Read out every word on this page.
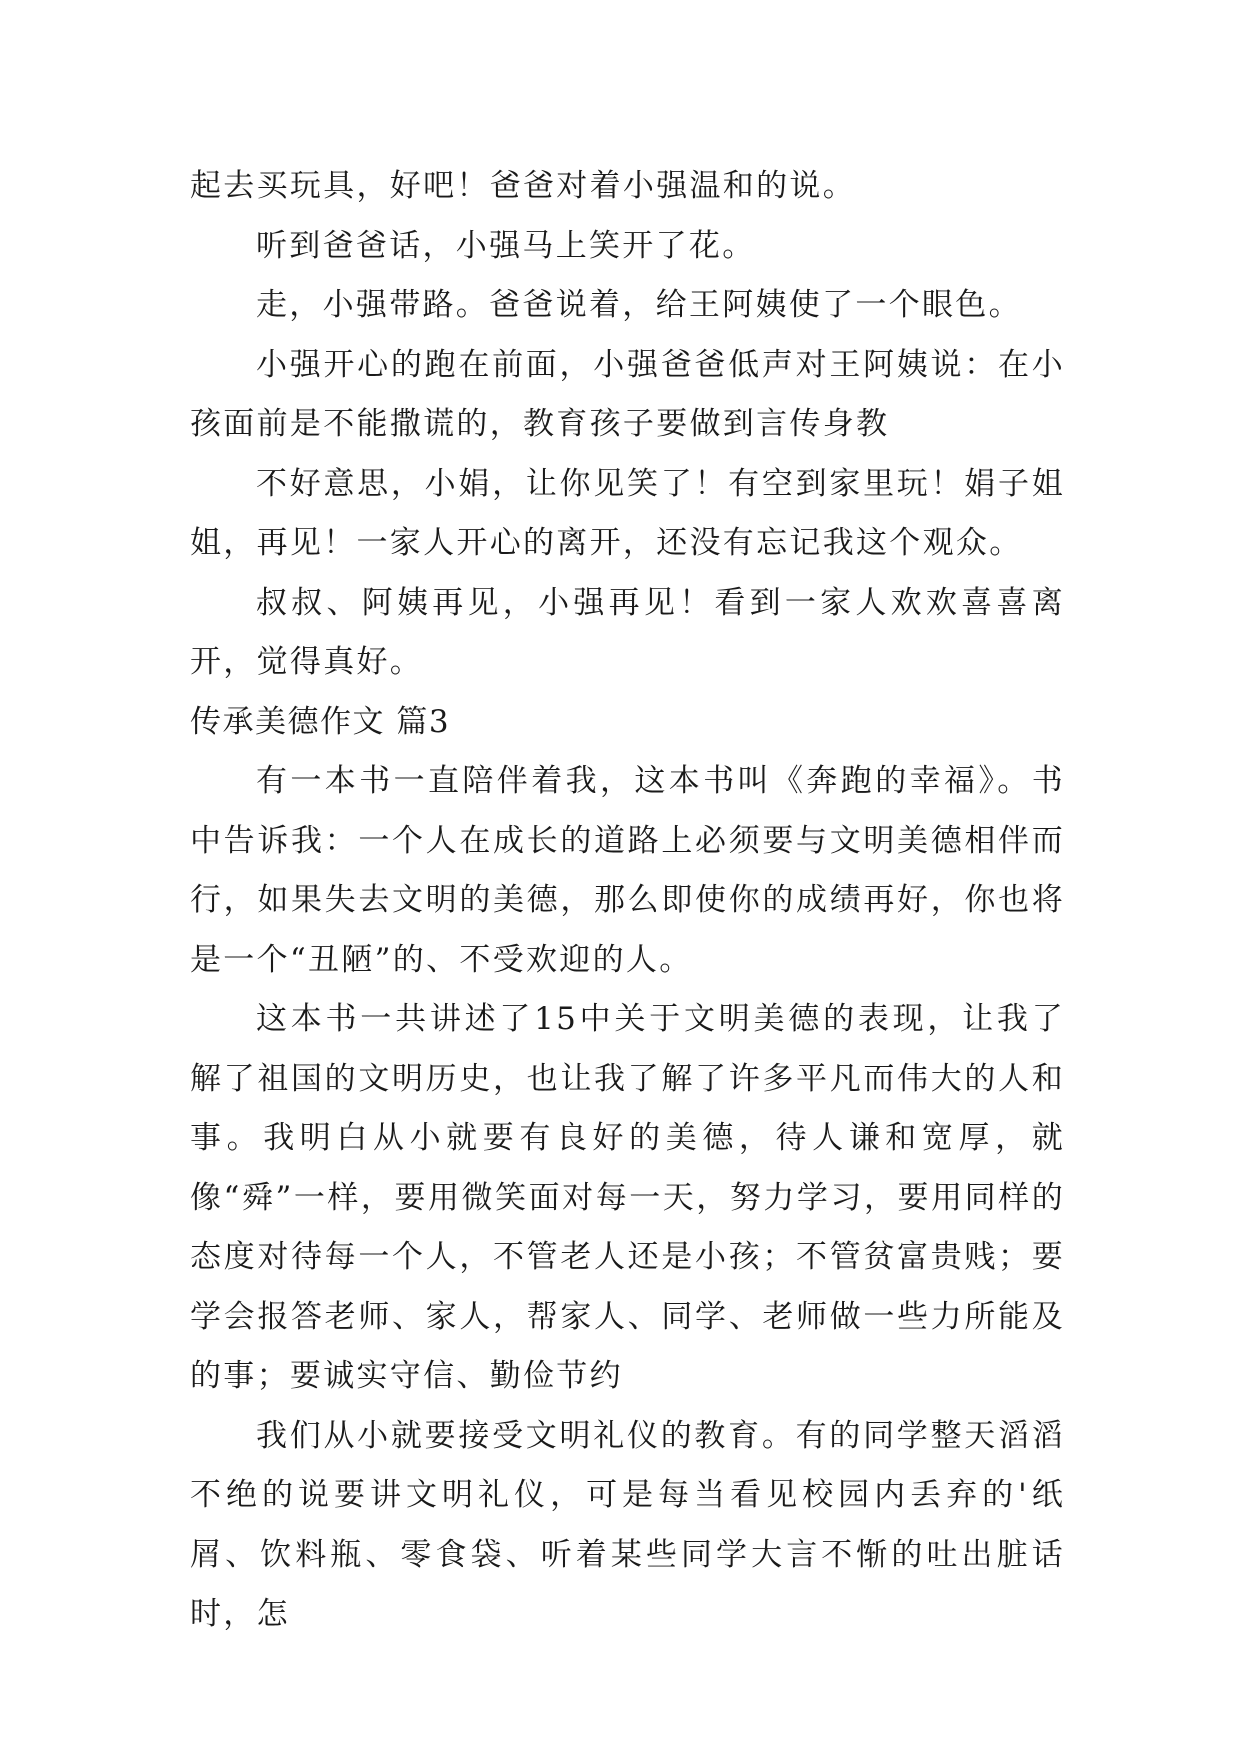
起去买玩具，好吧！爸爸对着小强温和的说。

听到爸爸话，小强马上笑开了花。

走，小强带路。爸爸说着，给王阿姨使了一个眼色。

小强开心的跑在前面，小强爸爸低声对王阿姨说：在小孩面前是不能撒谎的，教育孩子要做到言传身教

不好意思，小娟，让你见笑了！有空到家里玩！娟子姐姐，再见！一家人开心的离开，还没有忘记我这个观众。

叔叔、阿姨再见，小强再见！看到一家人欢欢喜喜离开，觉得真好。

传承美德作文 篇3

有一本书一直陪伴着我，这本书叫《奔跑的幸福》。书中告诉我：一个人在成长的道路上必须要与文明美德相伴而行，如果失去文明的美德，那么即使你的成绩再好，你也将是一个“丑陋”的、不受欢迎的人。

这本书一共讲述了15中关于文明美德的表现，让我了解了祖国的文明历史，也让我了解了许多平凡而伟大的人和事。我明白从小就要有良好的美德，待人谦和宽厚，就像“舜”一样，要用微笑面对每一天，努力学习，要用同样的态度对待每一个人，不管老人还是小孩；不管贫富贵贱；要学会报答老师、家人，帮家人、同学、老师做一些力所能及的事；要诚实守信、勤俭节约

我们从小就要接受文明礼仪的教育。有的同学整天滔滔不绝的说要讲文明礼仪，可是每当看见校园内丢弃的'纸屑、饮料瓶、零食袋、听着某些同学大言不惭的吐出脏话时，怎
